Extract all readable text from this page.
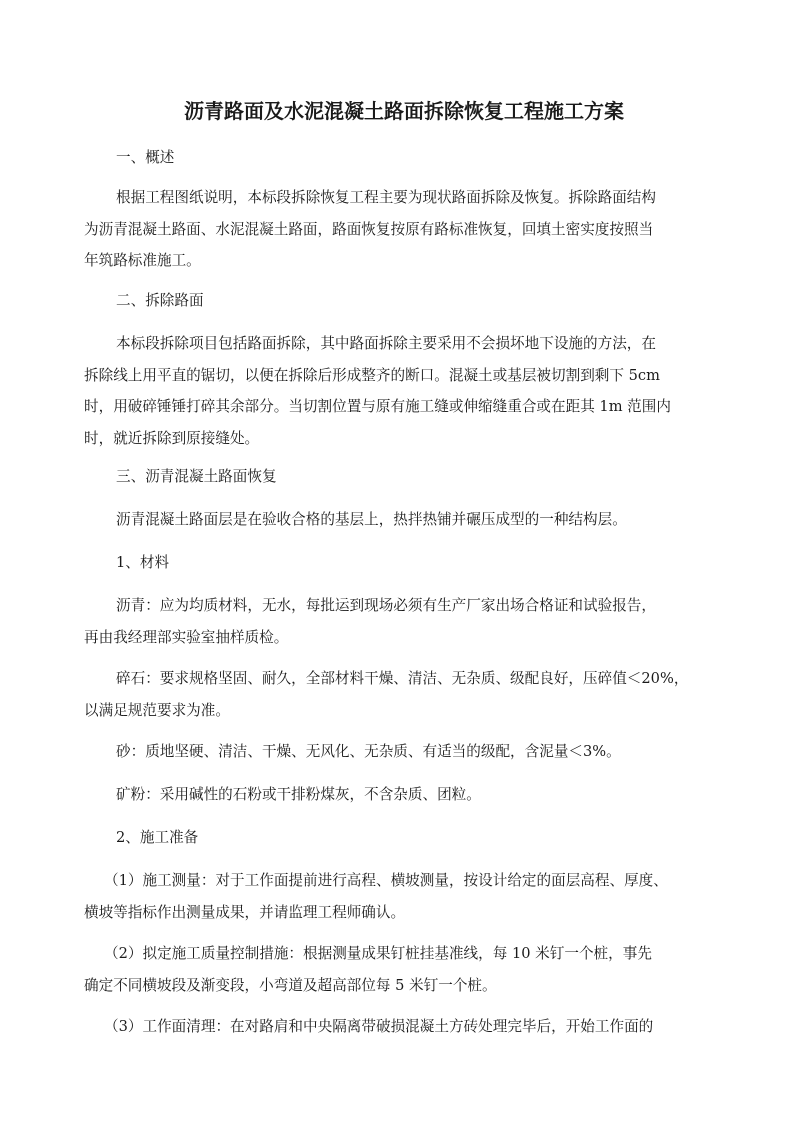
沥青路面及水泥混凝土路面拆除恢复工程施工方案
一、概述
根据工程图纸说明，本标段拆除恢复工程主要为现状路面拆除及恢复。拆除路面结构
为沥青混凝土路面、水泥混凝土路面，路面恢复按原有路标准恢复，回填土密实度按照当
年筑路标准施工。
二、拆除路面
本标段拆除项目包括路面拆除，其中路面拆除主要采用不会损坏地下设施的方法，在
拆除线上用平直的锯切，以便在拆除后形成整齐的断口。混凝土或基层被切割到剩下 5cm
时，用破碎锤锤打碎其余部分。当切割位置与原有施工缝或伸缩缝重合或在距其 1m 范围内
时，就近拆除到原接缝处。
三、沥青混凝土路面恢复
沥青混凝土路面层是在验收合格的基层上，热拌热铺并碾压成型的一种结构层。
1、材料
沥青：应为均质材料，无水，每批运到现场必须有生产厂家出场合格证和试验报告，
再由我经理部实验室抽样质检。
碎石：要求规格坚固、耐久，全部材料干燥、清洁、无杂质、级配良好，压碎值＜20%，
以满足规范要求为准。
砂：质地坚硬、清洁、干燥、无风化、无杂质、有适当的级配，含泥量＜3%。
矿粉：采用碱性的石粉或干排粉煤灰，不含杂质、团粒。
2、施工准备
（1）施工测量：对于工作面提前进行高程、横坡测量，按设计给定的面层高程、厚度、
横坡等指标作出测量成果，并请监理工程师确认。
（2）拟定施工质量控制措施：根据测量成果钉桩挂基准线，每 10 米钉一个桩，事先
确定不同横坡段及渐变段，小弯道及超高部位每 5 米钉一个桩。
（3）工作面清理：在对路肩和中央隔离带破损混凝土方砖处理完毕后，开始工作面的
